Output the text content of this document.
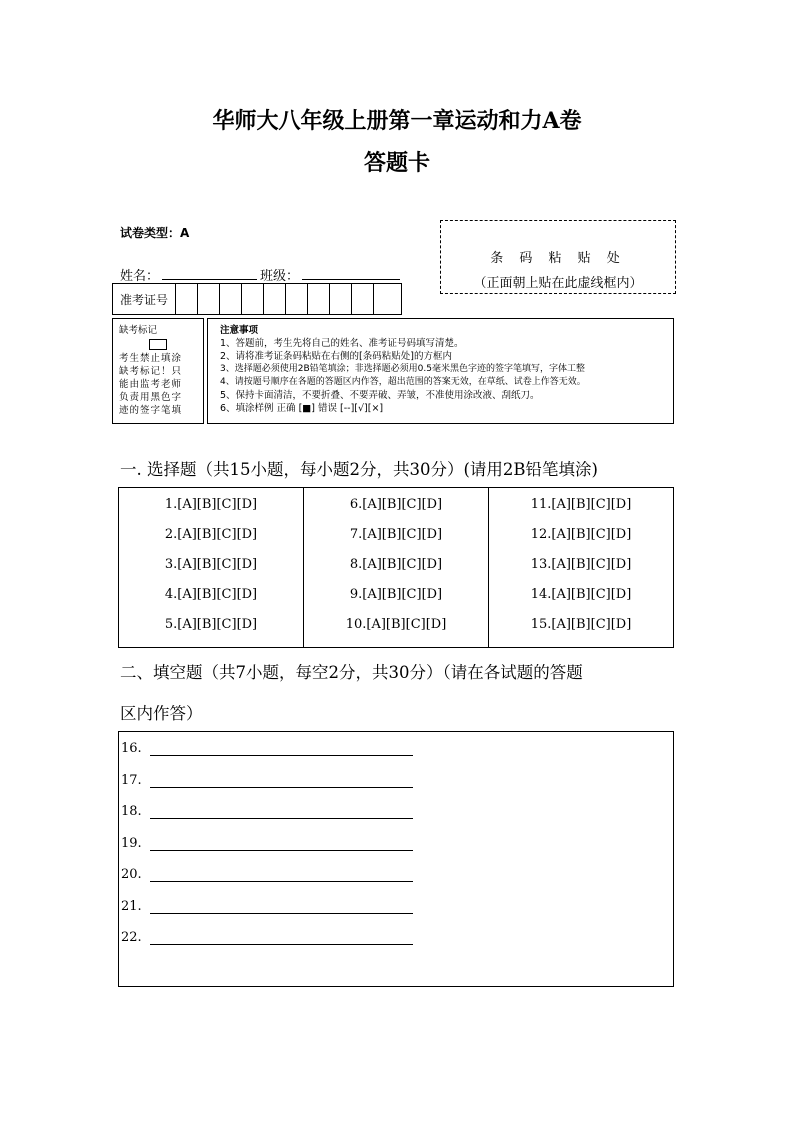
华师大八年级上册第一章运动和力A卷
答题卡
试卷类型：A
条 码 粘 贴 处
（正面朝上贴在此虚线框内）
姓名：	班级：
准考证号
缺考标记
考生禁止填涂
缺考标记！只
能由监考老师
负责用黑色字
迹的签字笔填
注意事项
1、答题前，考生先将自己的姓名、准考证号码填写清楚。
2、请将准考证条码粘贴在右侧的[条码粘贴处]的方框内
3、选择题必须使用2B铅笔填涂；非选择题必须用0.5毫米黑色字迹的签字笔填写，字体工整
4、请按题号顺序在各题的答题区内作答，超出范围的答案无效，在草纸、试卷上作答无效。
5、保持卡面清洁，不要折叠、不要弄破、弄皱，不准使用涂改液、刮纸刀。
6、填涂样例 正确 [■] 错误 [--][√][×]
一. 选择题（共15小题，每小题2分，共30分）(请用2B铅笔填涂)
1.[A][B][C][D]
2.[A][B][C][D]
3.[A][B][C][D]
4.[A][B][C][D]
5.[A][B][C][D]
6.[A][B][C][D]
7.[A][B][C][D]
8.[A][B][C][D]
9.[A][B][C][D]
10.[A][B][C][D]
11.[A][B][C][D]
12.[A][B][C][D]
13.[A][B][C][D]
14.[A][B][C][D]
15.[A][B][C][D]
二、填空题（共7小题，每空2分，共30分）（请在各试题的答题
区内作答）
16.
17.
18.
19.
20.
21.
22.
